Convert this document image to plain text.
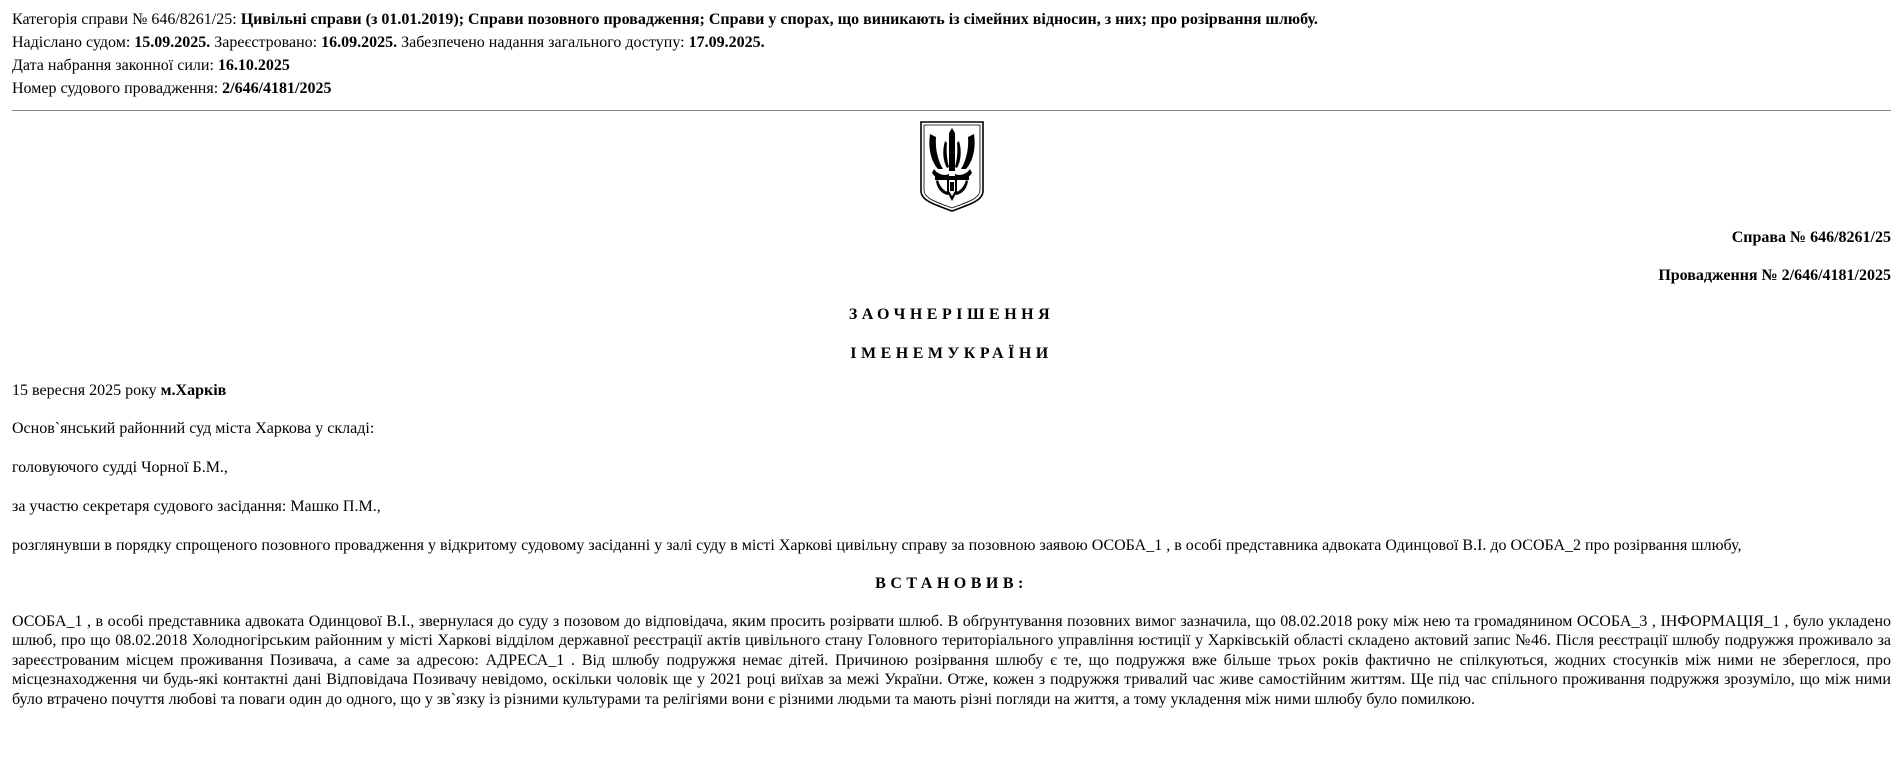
Категорія справи № 646/8261/25: Цивільні справи (з 01.01.2019); Справи позовного провадження; Справи у спорах, що виникають із сімейних відносин, з них; про розірвання шлюбу.
Надіслано судом: 15.09.2025. Зареєстровано: 16.09.2025. Забезпечено надання загального доступу: 17.09.2025.
Дата набрання законної сили: 16.10.2025
Номер судового провадження: 2/646/4181/2025

Справа № 646/8261/25

Провадження № 2/646/4181/2025

ЗАОЧНЕРІШЕННЯ

ІМЕНЕМУКРАЇНИ

15 вересня 2025 року м.Харків

Основ`янський районний суд міста Харкова у складі:

головуючого судді Чорної Б.М.,

за участю секретаря судового засідання: Машко П.М.,

розглянувши в порядку спрощеного позовного провадження у відкритому судовому засіданні у залі суду в місті Харкові цивільну справу за позовною заявою ОСОБА_1 , в особі представника адвоката Одинцової В.І. до ОСОБА_2 про розірвання шлюбу,

ВСТАНОВИВ:

ОСОБА_1 , в особі представника адвоката Одинцової В.І., звернулася до суду з позовом до відповідача, яким просить розірвати шлюб. В обґрунтування позовних вимог зазначила, що 08.02.2018 року між нею та громадянином ОСОБА_3 , ІНФОРМАЦІЯ_1 , було укладено шлюб, про що 08.02.2018 Холодногірським районним у місті Харкові відділом державної реєстрації актів цивільного стану Головного територіального управління юстиції у Харківській області складено актовий запис №46. Після реєстрації шлюбу подружжя проживало за зареєстрованим місцем проживання Позивача, а саме за адресою: АДРЕСА_1 . Від шлюбу подружжя немає дітей. Причиною розірвання шлюбу є те, що подружжя вже більше трьох років фактично не спілкуються, жодних стосунків між ними не збереглося, про місцезнаходження чи будь-які контактні дані Відповідача Позивачу невідомо, оскільки чоловік ще у 2021 році виїхав за межі України. Отже, кожен з подружжя тривалий час живе самостійним життям. Ще під час спільного проживання подружжя зрозуміло, що між ними було втрачено почуття любові та поваги один до одного, що у зв`язку із різними культурами та релігіями вони є різними людьми та мають різні погляди на життя, а тому укладення між ними шлюбу було помилкою.
